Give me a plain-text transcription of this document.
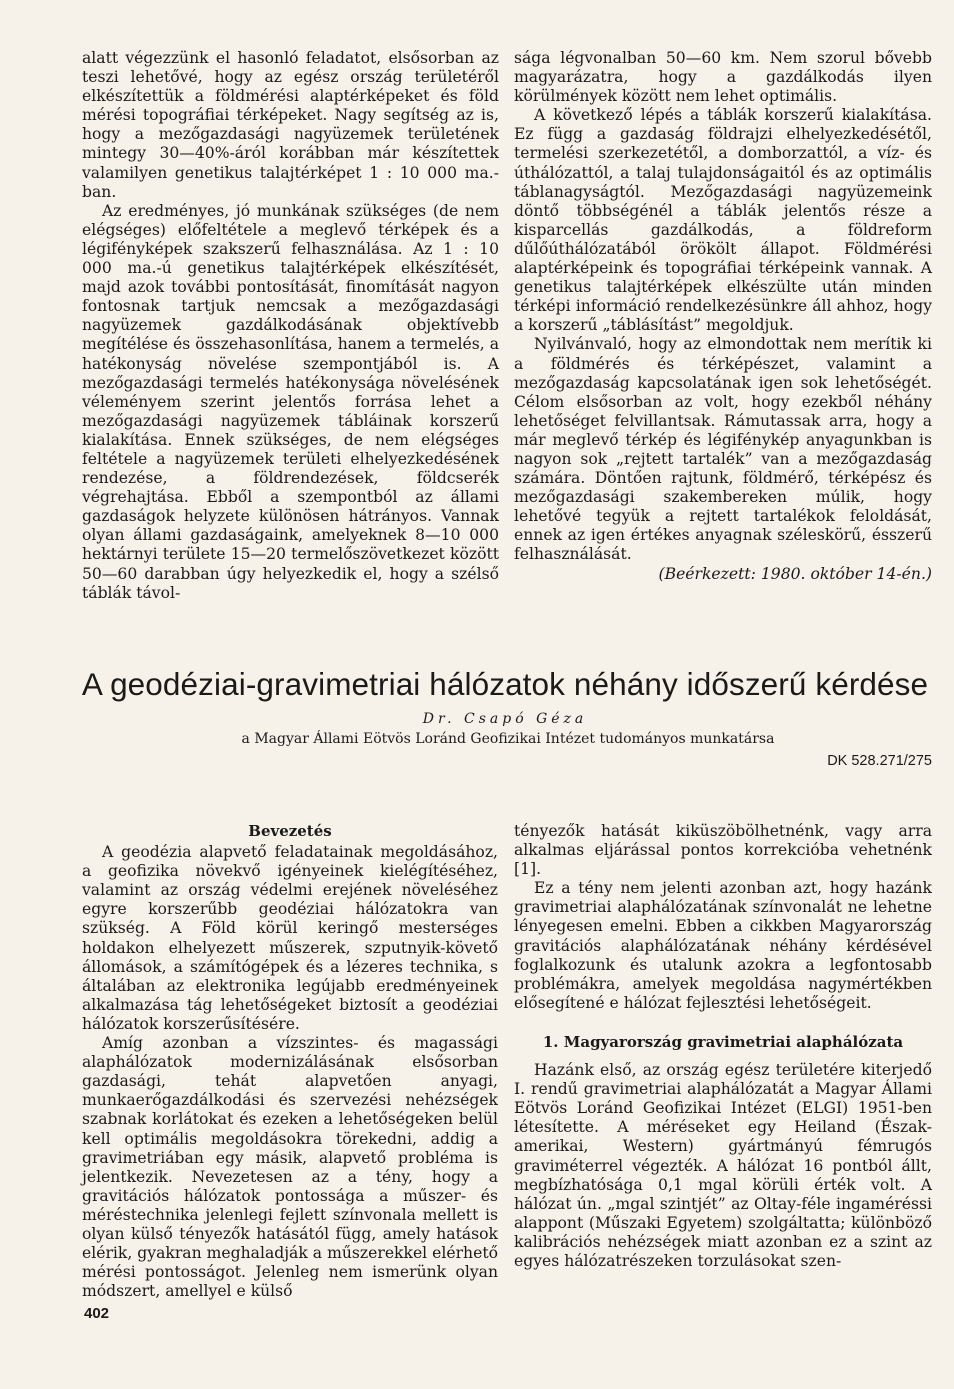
alatt végezzünk el hasonló feladatot, elsősorban az teszi lehetővé, hogy az egész ország területéről elkészítettük a földmérési alaptérképeket és föld mérési topográfiai térképeket. Nagy segítség az is, hogy a mezőgazdasági nagyüzemek területének mintegy 30—40%-áról korábban már készítettek valamilyen genetikus talajtérképet 1 : 10 000 ma.-ban.

Az eredményes, jó munkának szükséges (de nem elégséges) előfeltétele a meglevő térképek és a légifényképek szakszerű felhasználása. Az 1 : 10 000 ma.-ú genetikus talajtérképek elkészítését, majd azok további pontosítását, finomítását nagyon fontosnak tartjuk nemcsak a mezőgazdasági nagyüzemek gazdálkodásának objektívebb megítélése és összehasonlítása, hanem a termelés, a hatékonyság növelése szempontjából is. A mezőgazdasági termelés hatékonysága növelésének véleményem szerint jelentős forrása lehet a mezőgazdasági nagyüzemek tábláinak korszerű kialakítása. Ennek szükséges, de nem elégséges feltétele a nagyüzemek területi elhelyezkedésének rendezése, a földrendezések, földcserék végrehajtása. Ebből a szempontból az állami gazdaságok helyzete különösen hátrányos. Vannak olyan állami gazdaságaink, amelyeknek 8—10 000 hektárnyi területe 15—20 termelőszövetkezet között 50—60 darabban úgy helyezkedik el, hogy a szélső táblák távol-

sága légvonalban 50—60 km. Nem szorul bővebb magyarázatra, hogy a gazdálkodás ilyen körülmények között nem lehet optimális.

A következő lépés a táblák korszerű kialakítása. Ez függ a gazdaság földrajzi elhelyezkedésétől, termelési szerkezetétől, a domborzattól, a víz- és úthálózattól, a talaj tulajdonságaitól és az optimális táblanagyságtól. Mezőgazdasági nagyüzemeink döntő többségénél a táblák jelentős része a kisparcellás gazdálkodás, a földreform dűlőúthálózatából örökölt állapot. Földmérési alaptérképeink és topográfiai térképeink vannak. A genetikus talajtérképek elkészülte után minden térképi információ rendelkezésünkre áll ahhoz, hogy a korszerű „táblásítást” megoldjuk.

Nyilvánvaló, hogy az elmondottak nem merítik ki a földmérés és térképészet, valamint a mezőgazdaság kapcsolatának igen sok lehetőségét. Célom elsősorban az volt, hogy ezekből néhány lehetőséget felvillantsak. Rámutassak arra, hogy a már meglevő térkép és légifénykép anyagunkban is nagyon sok „rejtett tartalék” van a mezőgazdaság számára. Döntően rajtunk, földmérő, térképész és mezőgazdasági szakembereken múlik, hogy lehetővé tegyük a rejtett tartalékok feloldását, ennek az igen értékes anyagnak széleskörű, ésszerű felhasználását.

(Beérkezett: 1980. október 14-én.)

A geodéziai-gravimetriai hálózatok néhány időszerű kérdése
Dr. Csapó Géza
a Magyar Állami Eötvös Loránd Geofizikai Intézet tudományos munkatársa
DK 528.271/275
Bevezetés

A geodézia alapvető feladatainak megoldásához, a geofizika növekvő igényeinek kielégítéséhez, valamint az ország védelmi erejének növeléséhez egyre korszerűbb geodéziai hálózatokra van szükség. A Föld körül keringő mesterséges holdakon elhelyezett műszerek, szputnyik-követő állomások, a számítógépek és a lézeres technika, s általában az elektronika legújabb eredményeinek alkalmazása tág lehetőségeket biztosít a geodéziai hálózatok korszerűsítésére.

Amíg azonban a vízszintes- és magassági alaphálózatok modernizálásának elsősorban gazdasági, tehát alapvetően anyagi, munkaerőgazdálkodási és szervezési nehézségek szabnak korlátokat és ezeken a lehetőségeken belül kell optimális megoldásokra törekedni, addig a gravimetriában egy másik, alapvető probléma is jelentkezik. Nevezetesen az a tény, hogy a gravitációs hálózatok pontossága a műszer- és méréstechnika jelenlegi fejlett színvonala mellett is olyan külső tényezők hatásától függ, amely hatások elérik, gyakran meghaladják a műszerekkel elérhető mérési pontosságot. Jelenleg nem ismerünk olyan módszert, amellyel e külső

tényezők hatását kiküszöbölhetnénk, vagy arra alkalmas eljárással pontos korrekcióba vehetnénk [1].

Ez a tény nem jelenti azonban azt, hogy hazánk gravimetriai alaphálózatának színvonalát ne lehetne lényegesen emelni. Ebben a cikkben Magyarország gravitációs alaphálózatának néhány kérdésével foglalkozunk és utalunk azokra a legfontosabb problémákra, amelyek megoldása nagymértékben elősegítené e hálózat fejlesztési lehetőségeit.

1. Magyarország gravimetriai alaphálózata

Hazánk első, az ország egész területére kiterjedő I. rendű gravimetriai alaphálózatát a Magyar Állami Eötvös Loránd Geofizikai Intézet (ELGI) 1951-ben létesítette. A méréseket egy Heiland (Észak-amerikai, Western) gyártmányú fémrugós graviméterrel végezték. A hálózat 16 pontból állt, megbízhatósága 0,1 mgal körüli érték volt. A hálózat ún. „mgal szintjét” az Oltay-féle ingaméréssi alappont (Műszaki Egyetem) szolgáltatta; különböző kalibrációs nehézségek miatt azonban ez a szint az egyes hálózatrészeken torzulásokat szen-

402
